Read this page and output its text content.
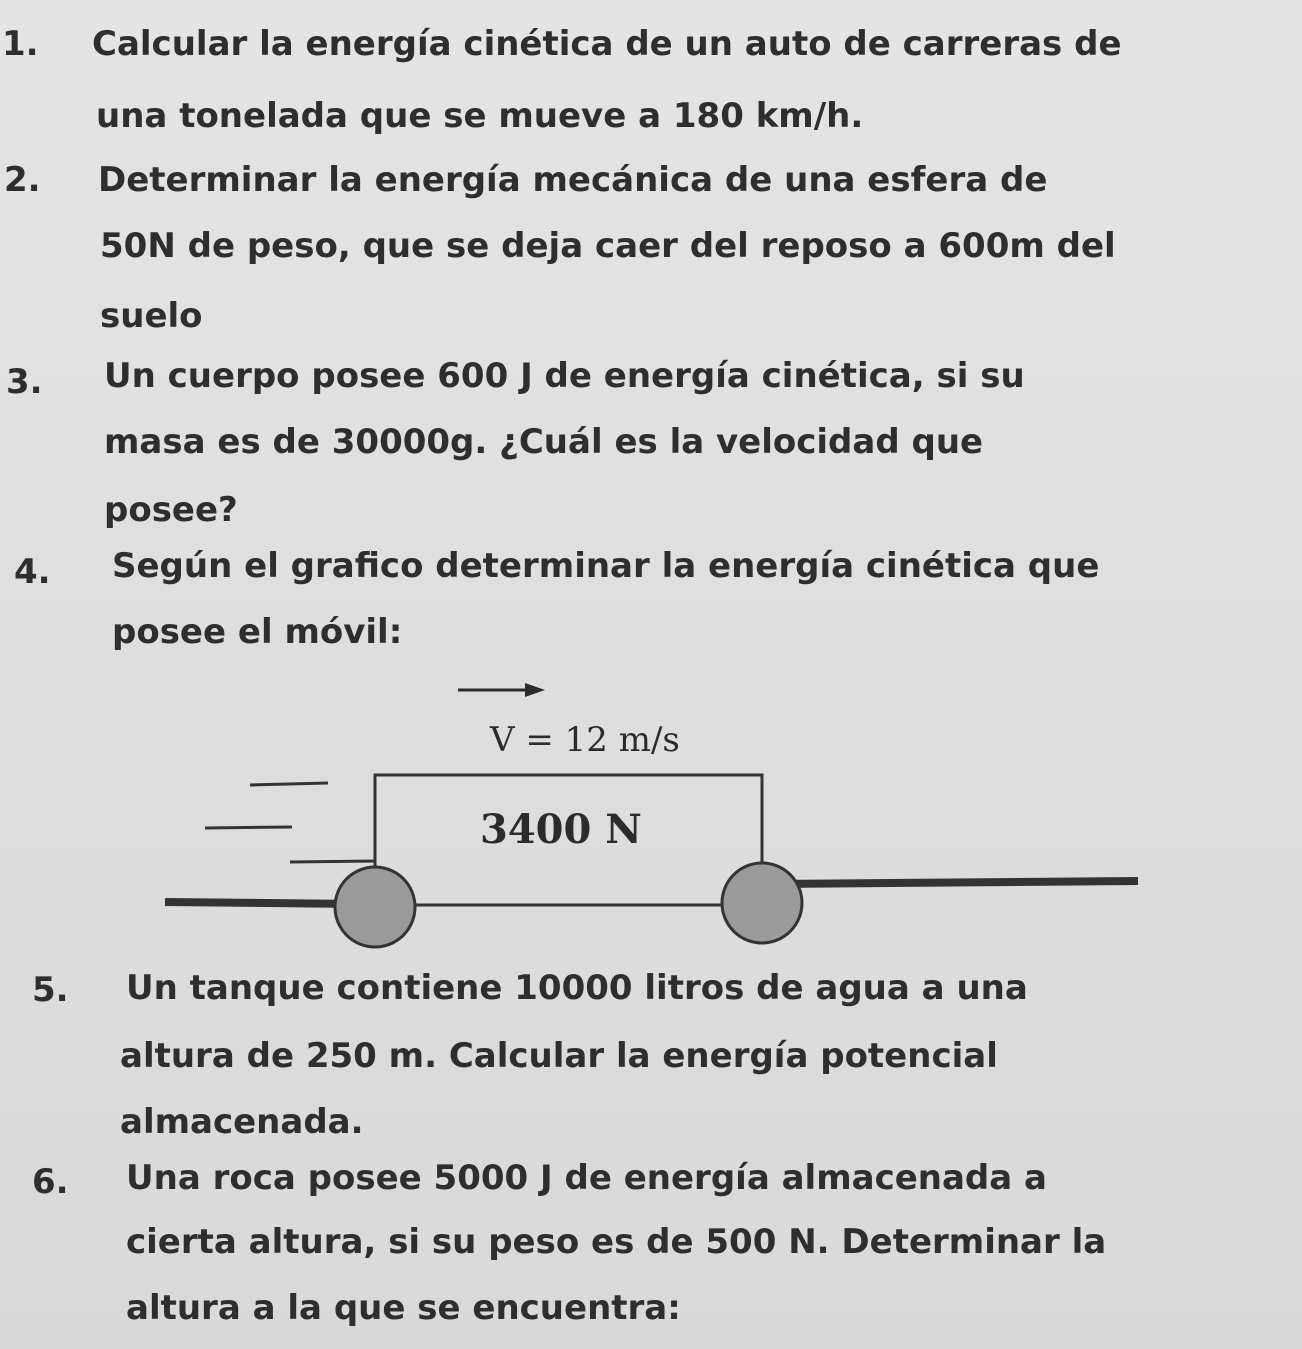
1. Calcular la energía cinética de un auto de carreras de
una tonelada que se mueve a 180 km/h.
2. Determinar la energía mecánica de una esfera de
50N de peso, que se deja caer del reposo a 600m del
suelo
3. Un cuerpo posee 600 J de energía cinética, si su
masa es de 30000g. ¿Cuál es la velocidad que
posee?
4. Según el grafico determinar la energía cinética que
posee el móvil:
V = 12 m/s
3400 N
5. Un tanque contiene 10000 litros de agua a una
altura de 250 m. Calcular la energía potencial
almacenada.
6. Una roca posee 5000 J de energía almacenada a
cierta altura, si su peso es de 500 N. Determinar la
altura a la que se encuentra:
